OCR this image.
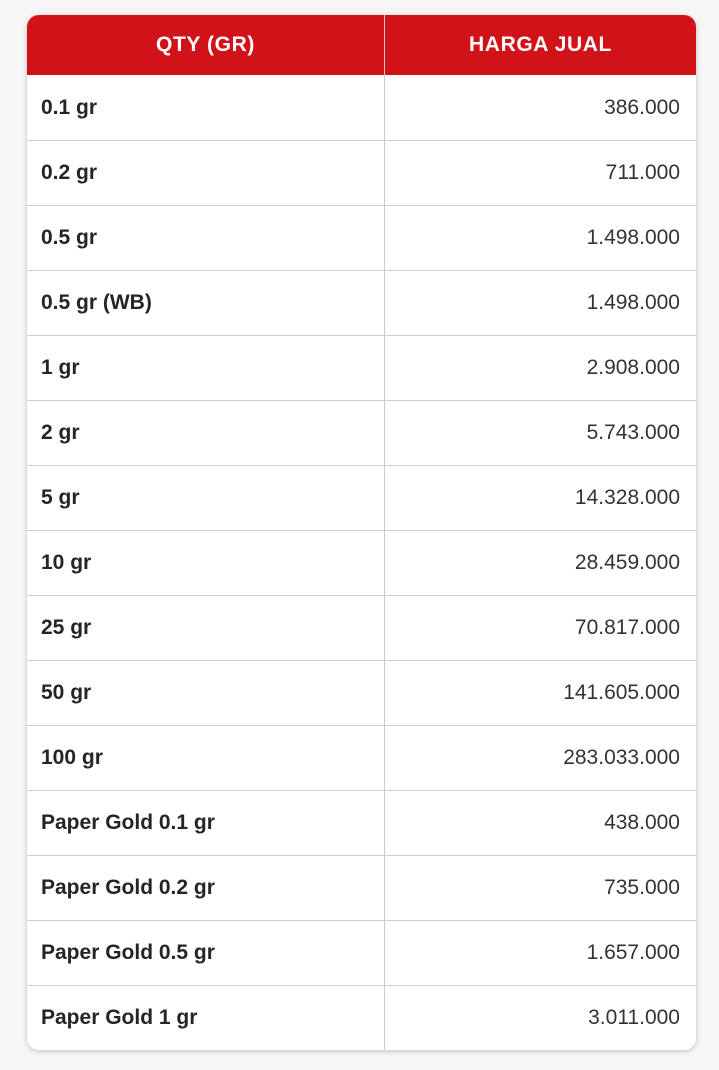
QTY (GR)	HARGA JUAL
0.1 gr	386.000
0.2 gr	711.000
0.5 gr	1.498.000
0.5 gr (WB)	1.498.000
1 gr	2.908.000
2 gr	5.743.000
5 gr	14.328.000
10 gr	28.459.000
25 gr	70.817.000
50 gr	141.605.000
100 gr	283.033.000
Paper Gold 0.1 gr	438.000
Paper Gold 0.2 gr	735.000
Paper Gold 0.5 gr	1.657.000
Paper Gold 1 gr	3.011.000
